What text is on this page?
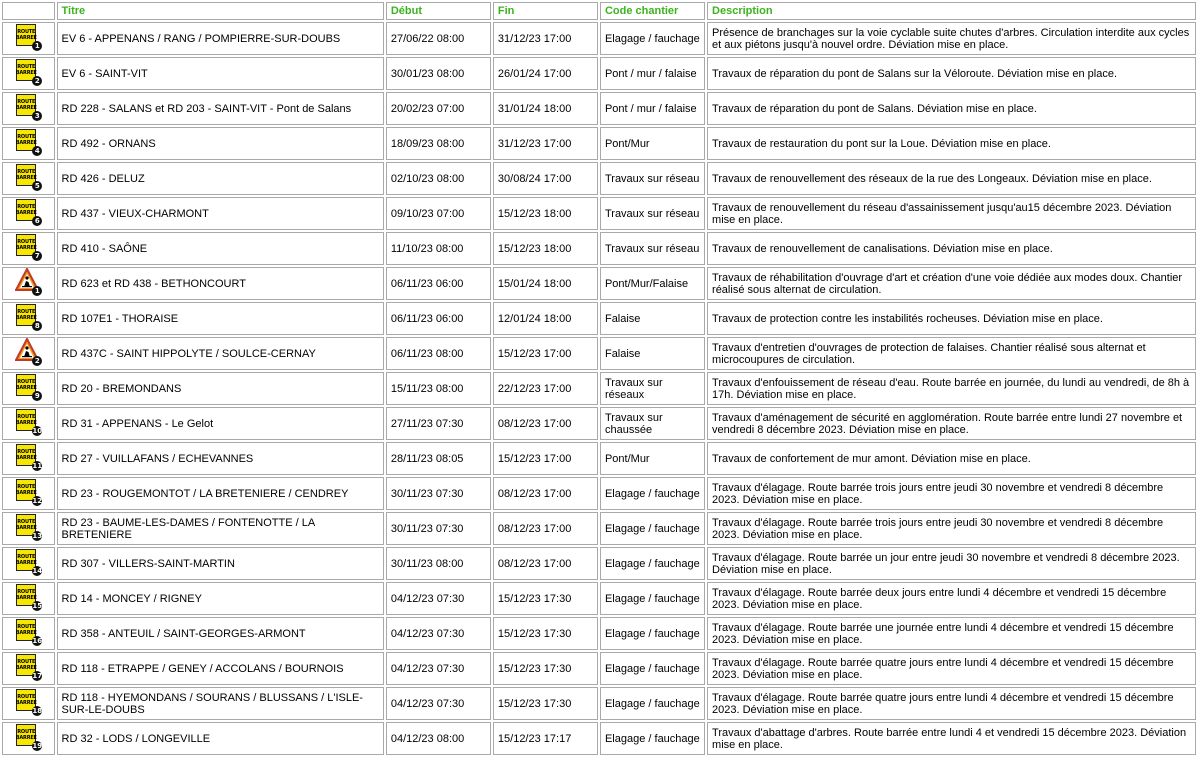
	Titre	Début	Fin	Code chantier	Description

ROUTE
BARREE
1	EV 6 - APPENANS / RANG / POMPIERRE-SUR-DOUBS	27/06/22 08:00	31/12/23 17:00	Elagage / fauchage	Présence de branchages sur la voie cyclable suite chutes d'arbres. Circulation interdite aux cycles et aux piétons jusqu'à nouvel ordre. Déviation mise en place.

ROUTE
BARREE
2	EV 6 - SAINT-VIT	30/01/23 08:00	26/01/24 17:00	Pont / mur / falaise	Travaux de réparation du pont de Salans sur la Véloroute. Déviation mise en place.

ROUTE
BARREE
3	RD 228 - SALANS et RD 203 - SAINT-VIT - Pont de Salans	20/02/23 07:00	31/01/24 18:00	Pont / mur / falaise	Travaux de réparation du pont de Salans. Déviation mise en place.

ROUTE
BARREE
4	RD 492 - ORNANS	18/09/23 08:00	31/12/23 17:00	Pont/Mur	Travaux de restauration du pont sur la Loue. Déviation mise en place.

ROUTE
BARREE
5	RD 426 - DELUZ	02/10/23 08:00	30/08/24 17:00	Travaux sur réseau	Travaux de renouvellement des réseaux de la rue des Longeaux. Déviation mise en place.

ROUTE
BARREE
6	RD 437 - VIEUX-CHARMONT	09/10/23 07:00	15/12/23 18:00	Travaux sur réseau	Travaux de renouvellement du réseau d'assainissement jusqu'au15 décembre 2023. Déviation mise en place.

ROUTE
BARREE
7	RD 410 - SAÔNE	11/10/23 08:00	15/12/23 18:00	Travaux sur réseau	Travaux de renouvellement de canalisations. Déviation mise en place.

1	RD 623 et RD 438 - BETHONCOURT	06/11/23 06:00	15/01/24 18:00	Pont/Mur/Falaise	Travaux de réhabilitation d'ouvrage d'art et création d'une voie dédiée aux modes doux. Chantier réalisé sous alternat de circulation.

ROUTE
BARREE
8	RD 107E1 - THORAISE	06/11/23 06:00	12/01/24 18:00	Falaise	Travaux de protection contre les instabilités rocheuses. Déviation mise en place.

2	RD 437C - SAINT HIPPOLYTE / SOULCE-CERNAY	06/11/23 08:00	15/12/23 17:00	Falaise	Travaux d'entretien d'ouvrages de protection de falaises. Chantier réalisé sous alternat et microcoupures de circulation.

ROUTE
BARREE
9	RD 20 - BREMONDANS	15/11/23 08:00	22/12/23 17:00	Travaux sur réseaux	Travaux d'enfouissement de réseau d'eau. Route barrée en journée, du lundi au vendredi, de 8h à 17h. Déviation mise en place.

ROUTE
BARREE
10	RD 31 - APPENANS - Le Gelot	27/11/23 07:30	08/12/23 17:00	Travaux sur chaussée	Travaux d'aménagement de sécurité en agglomération. Route barrée entre lundi 27 novembre et vendredi 8 décembre 2023. Déviation mise en place.

ROUTE
BARREE
11	RD 27 - VUILLAFANS / ECHEVANNES	28/11/23 08:05	15/12/23 17:00	Pont/Mur	Travaux de confortement de mur amont. Déviation mise en place.

ROUTE
BARREE
12	RD 23 - ROUGEMONTOT / LA BRETENIERE / CENDREY	30/11/23 07:30	08/12/23 17:00	Elagage / fauchage	Travaux d'élagage. Route barrée trois jours entre jeudi 30 novembre et vendredi 8 décembre 2023. Déviation mise en place.

ROUTE
BARREE
13	RD 23 - BAUME-LES-DAMES / FONTENOTTE / LA BRETENIERE	30/11/23 07:30	08/12/23 17:00	Elagage / fauchage	Travaux d'élagage. Route barrée trois jours entre jeudi 30 novembre et vendredi 8 décembre 2023. Déviation mise en place.

ROUTE
BARREE
14	RD 307 - VILLERS-SAINT-MARTIN	30/11/23 08:00	08/12/23 17:00	Elagage / fauchage	Travaux d'élagage. Route barrée un jour entre jeudi 30 novembre et vendredi 8 décembre 2023. Déviation mise en place.

ROUTE
BARREE
15	RD 14 - MONCEY / RIGNEY	04/12/23 07:30	15/12/23 17:30	Elagage / fauchage	Travaux d'élagage. Route barrée deux jours entre lundi 4 décembre et vendredi 15 décembre 2023. Déviation mise en place.

ROUTE
BARREE
16	RD 358 - ANTEUIL / SAINT-GEORGES-ARMONT	04/12/23 07:30	15/12/23 17:30	Elagage / fauchage	Travaux d'élagage. Route barrée une journée entre lundi 4 décembre et vendredi 15 décembre 2023. Déviation mise en place.

ROUTE
BARREE
17	RD 118 - ETRAPPE / GENEY / ACCOLANS / BOURNOIS	04/12/23 07:30	15/12/23 17:30	Elagage / fauchage	Travaux d'élagage. Route barrée quatre jours entre lundi 4 décembre et vendredi 15 décembre 2023. Déviation mise en place.

ROUTE
BARREE
18	RD 118 - HYEMONDANS / SOURANS / BLUSSANS / L'ISLE-SUR-LE-DOUBS	04/12/23 07:30	15/12/23 17:30	Elagage / fauchage	Travaux d'élagage. Route barrée quatre jours entre lundi 4 décembre et vendredi 15 décembre 2023. Déviation mise en place.

ROUTE
BARREE
19	RD 32 - LODS / LONGEVILLE	04/12/23 08:00	15/12/23 17:17	Elagage / fauchage	Travaux d'abattage d'arbres. Route barrée entre lundi 4 et vendredi 15 décembre 2023. Déviation mise en place.
